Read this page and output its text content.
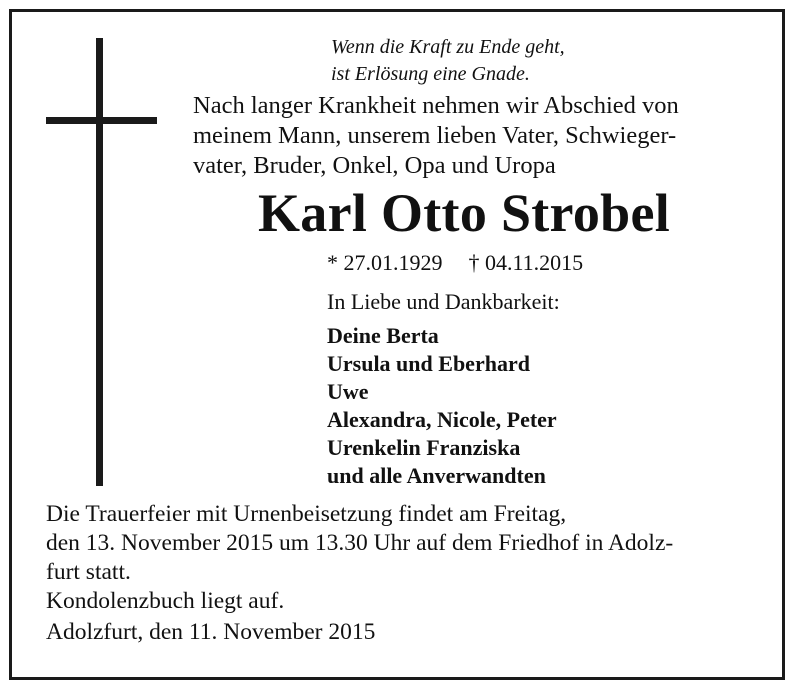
Wenn die Kraft zu Ende geht,
ist Erlösung eine Gnade.
Nach langer Krankheit nehmen wir Abschied von
meinem Mann, unserem lieben Vater, Schwieger-
vater, Bruder, Onkel, Opa und Uropa
Karl Otto Strobel
* 27.01.1929 † 04.11.2015
In Liebe und Dankbarkeit:
Deine Berta
Ursula und Eberhard
Uwe
Alexandra, Nicole, Peter
Urenkelin Franziska
und alle Anverwandten
Die Trauerfeier mit Urnenbeisetzung findet am Freitag,
den 13. November 2015 um 13.30 Uhr auf dem Friedhof in Adolz-
furt statt.
Kondolenzbuch liegt auf.
Adolzfurt, den 11. November 2015
